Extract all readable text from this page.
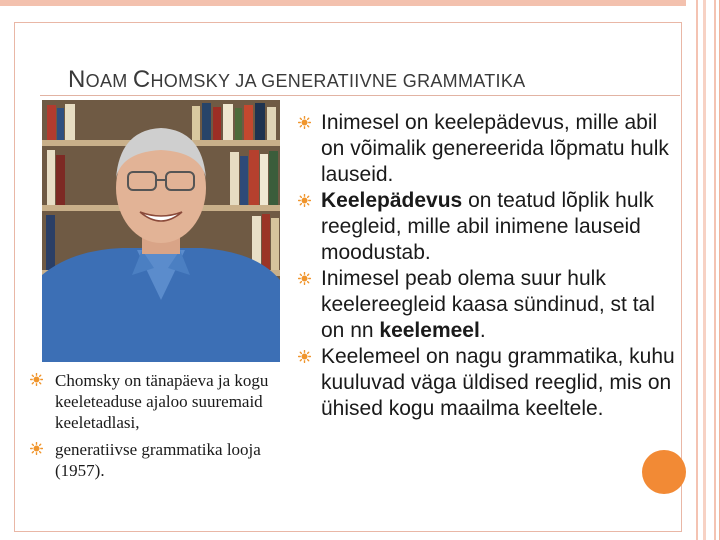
NOAM CHOMSKY JA GENERATIIVNE GRAMMATIKA
Chomsky on tänapäeva ja kogu keeleteaduse ajaloo suuremaid keeletadlasi,
generatiivse grammatika looja (1957).
Inimesel on keelepädevus, mille abil on võimalik genereerida lõpmatu hulk lauseid.
Keelepädevus on teatud lõplik hulk reegleid, mille abil inimene lauseid moodustab.
Inimesel peab olema suur hulk keelereegleid kaasa sündinud, st tal on nn keelemeel.
Keelemeel on nagu grammatika, kuhu kuuluvad väga üldised reeglid, mis on ühised kogu maailma keeltele.
